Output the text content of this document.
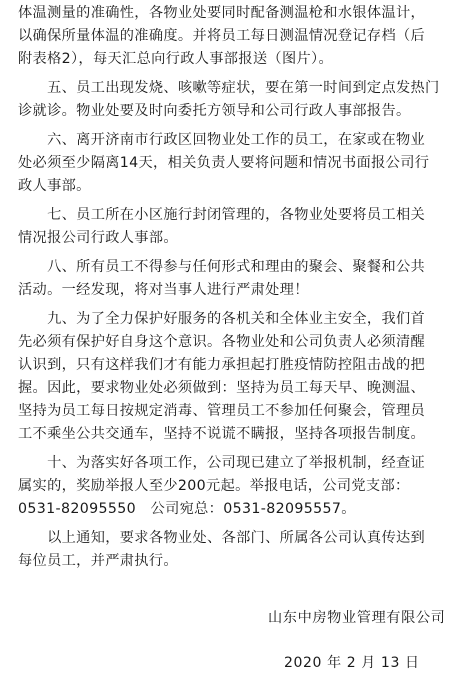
体温测量的准确性，各物业处要同时配备测温枪和水银体温计，
以确保所量体温的准确度。并将员工每日测温情况登记存档（后
附表格2），每天汇总向行政人事部报送（图片）。
　　五、员工出现发烧、咳嗽等症状，要在第一时间到定点发热门
诊就诊。物业处要及时向委托方领导和公司行政人事部报告。
　　六、离开济南市行政区回物业处工作的员工，在家或在物业
处必须至少隔离14天，相关负责人要将问题和情况书面报公司行
政人事部。
　　七、员工所在小区施行封闭管理的，各物业处要将员工相关
情况报公司行政人事部。
　　八、所有员工不得参与任何形式和理由的聚会、聚餐和公共
活动。一经发现，将对当事人进行严肃处理！
　　九、为了全力保护好服务的各机关和全体业主安全，我们首
先必须有保护好自身这个意识。各物业处和公司负责人必须清醒
认识到，只有这样我们才有能力承担起打胜疫情防控阻击战的把
握。因此，要求物业处必须做到：坚持为员工每天早、晚测温、
坚持为员工每日按规定消毒、管理员工不参加任何聚会，管理员
工不乘坐公共交通车，坚持不说谎不瞒报，坚持各项报告制度。
　　十、为落实好各项工作，公司现已建立了举报机制，经查证
属实的，奖励举报人至少200元起。举报电话，公司党支部：
0531-82095550　公司宛总：0531-82095557。
　　以上通知，要求各物业处、各部门、所属各公司认真传达到
每位员工，并严肃执行。
山东中房物业管理有限公司
2020 年 2 月 13 日
